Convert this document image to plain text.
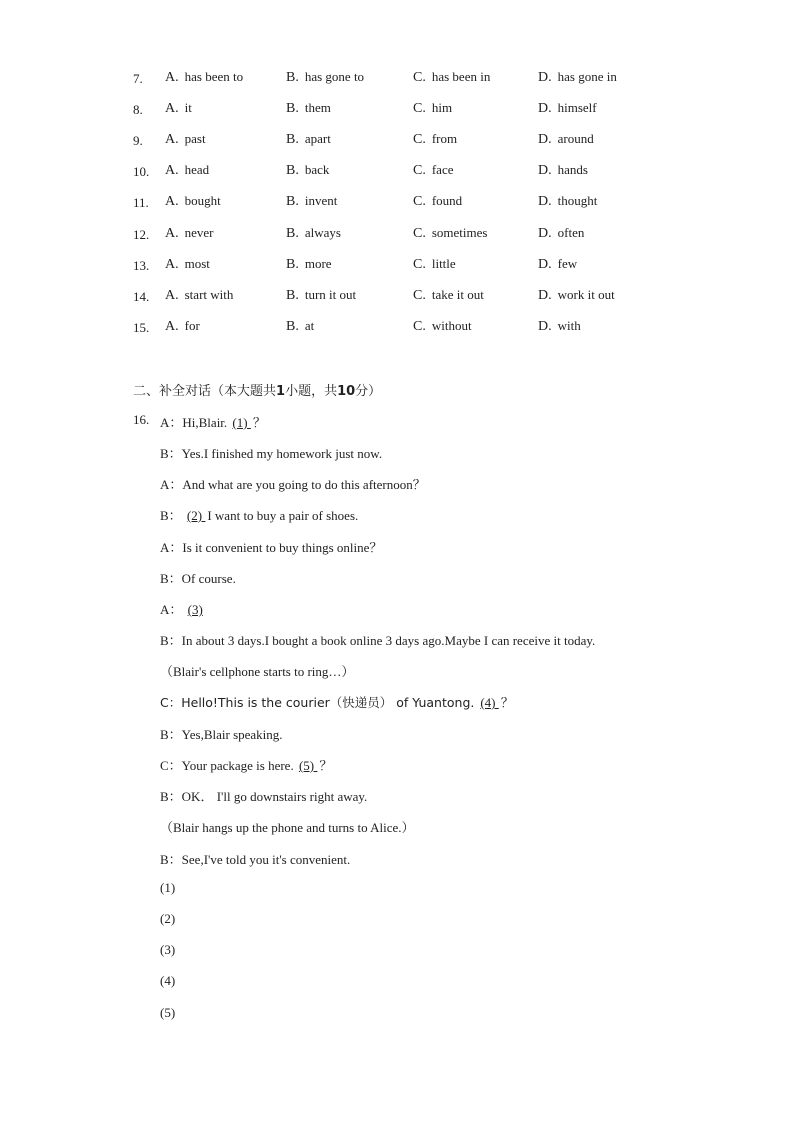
7. A. has been to	B. has gone to	C. has been in	D. has gone in
8. A. it	B. them	C. him	D. himself
9. A. past	B. apart	C. from	D. around
10. A. head	B. back	C. face	D. hands
11. A. bought	B. invent	C. found	D. thought
12. A. never	B. always	C. sometimes	D. often
13. A. most	B. more	C. little	D. few
14. A. start with	B. turn it out	C. take it out	D. work it out
15. A. for	B. at	C. without	D. with
二、补全对话（本大题共1小题，共10分）
16. A：Hi,Blair. (1) ？
B：Yes.I finished my homework just now.
A：And what are you going to do this afternoon？
B： (2) I want to buy a pair of shoes.
A：Is it convenient to buy things online？
B：Of course.
A： (3)
B：In about 3 days.I bought a book online 3 days ago.Maybe I can receive it today.
（Blair's cellphone starts to ring…）
C：Hello!This is the courier（快递员） of Yuantong. (4) ？
B：Yes,Blair speaking.
C：Your package is here. (5) ？
B：OK． I'll go downstairs right away.
（Blair hangs up the phone and turns to Alice.）
B：See,I've told you it's convenient.
(1)
(2)
(3)
(4)
(5)
